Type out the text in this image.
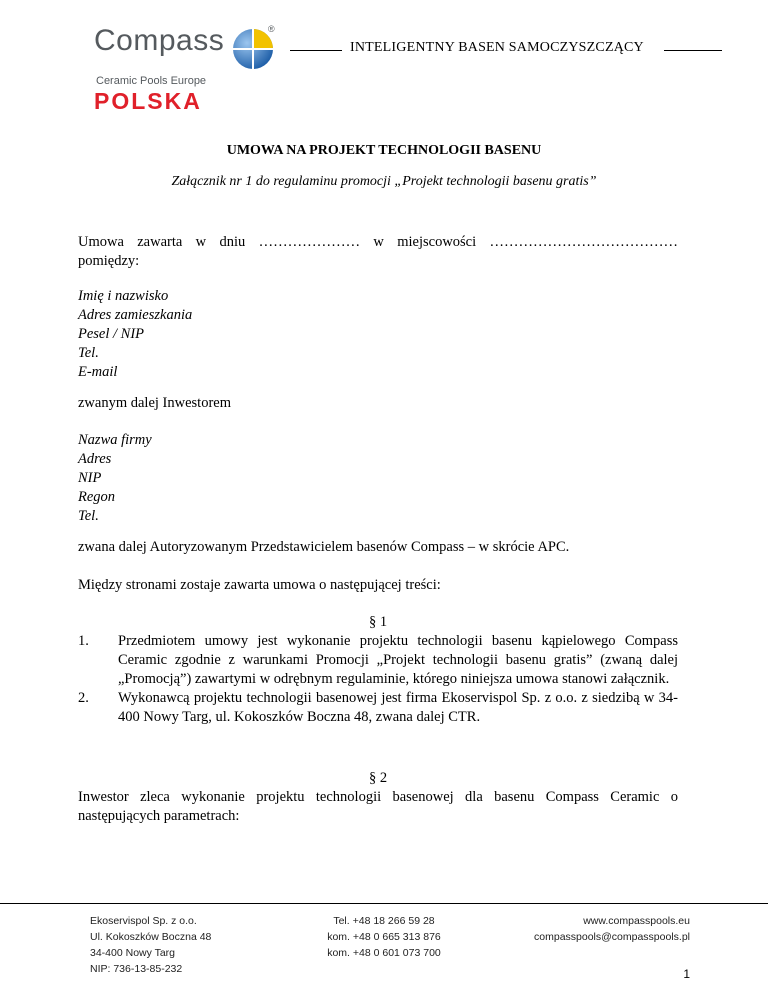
Compass	®
Ceramic Pools Europe
POLSKA
INTELIGENTNY BASEN SAMOCZYSZCZĄCY
UMOWA NA PROJEKT TECHNOLOGII BASENU
Załącznik nr 1 do regulaminu promocji „Projekt technologii basenu gratis”
Umowa zawarta w dniu ………………… w miejscowości …………………………………
pomiędzy:
Imię i nazwisko
Adres zamieszkania
Pesel / NIP
Tel.
E-mail
zwanym dalej Inwestorem
Nazwa firmy
Adres
NIP
Regon
Tel.
zwana dalej Autoryzowanym Przedstawicielem basenów Compass – w skrócie APC.
Między stronami zostaje zawarta umowa o następującej treści:
§ 1
1. Przedmiotem umowy jest wykonanie projektu technologii basenu kąpielowego Compass Ceramic zgodnie z warunkami Promocji „Projekt technologii basenu gratis” (zwaną dalej „Promocją”) zawartymi w odrębnym regulaminie, którego niniejsza umowa stanowi załącznik.
2. Wykonawcą projektu technologii basenowej jest firma Ekoservispol Sp. z o.o. z siedzibą w 34-400 Nowy Targ, ul. Kokoszków Boczna 48, zwana dalej CTR.
§ 2
Inwestor zleca wykonanie projektu technologii basenowej dla basenu Compass Ceramic o następujących parametrach:
Ekoservispol Sp. z o.o.
Ul. Kokoszków Boczna 48
34-400 Nowy Targ
NIP: 736-13-85-232
Tel. +48 18 266 59 28
kom. +48 0 665 313 876
kom. +48 0 601 073 700
www.compasspools.eu
compasspools@compasspools.pl
1
